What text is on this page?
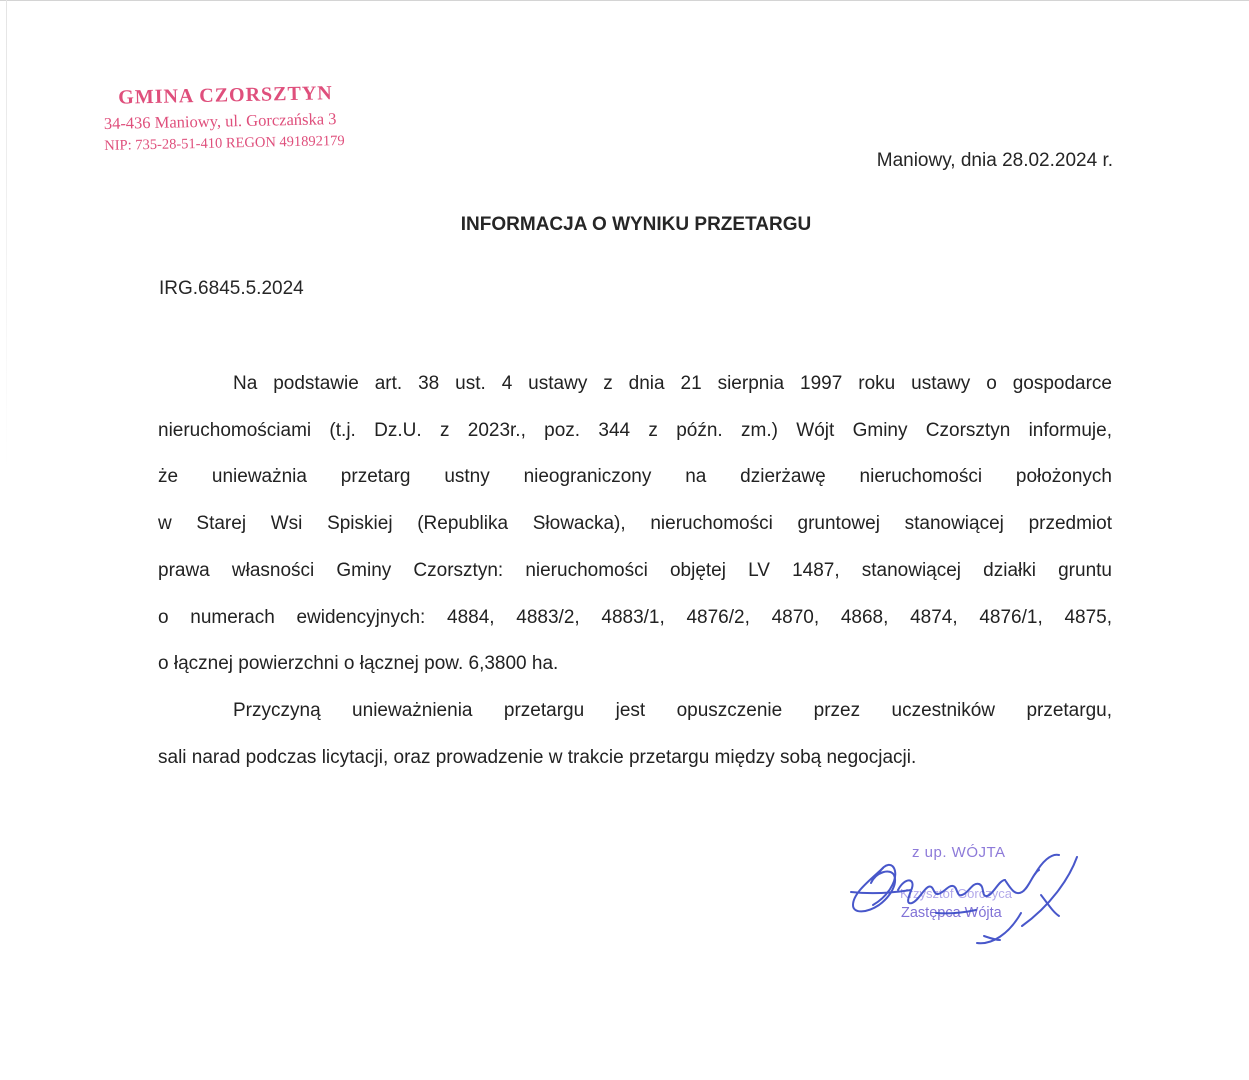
GMINA CZORSZTYN
34-436 Maniowy, ul. Gorczańska 3
NIP: 735-28-51-410 REGON 491892179
Maniowy, dnia 28.02.2024 r.
INFORMACJA O WYNIKU PRZETARGU
IRG.6845.5.2024

Na podstawie art. 38 ust. 4 ustawy z dnia 21 sierpnia 1997 roku ustawy o gospodarce
nieruchomościami (t.j. Dz.U. z 2023r., poz. 344 z późn. zm.) Wójt Gminy Czorsztyn informuje,
że unieważnia przetarg ustny nieograniczony na dzierżawę nieruchomości położonych
w Starej Wsi Spiskiej (Republika Słowacka), nieruchomości gruntowej stanowiącej przedmiot
prawa własności Gminy Czorsztyn: nieruchomości objętej LV 1487, stanowiącej działki gruntu
o numerach ewidencyjnych: 4884, 4883/2, 4883/1, 4876/2, 4870, 4868, 4874, 4876/1, 4875,
o łącznej powierzchni o łącznej pow. 6,3800 ha.

Przyczyną unieważnienia przetargu jest opuszczenie przez uczestników przetargu,
sali narad podczas licytacji, oraz prowadzenie w trakcie przetargu między sobą negocjacji.

z up. WÓJTA
Krzysztof Gorczyca
Zastępca Wójta
